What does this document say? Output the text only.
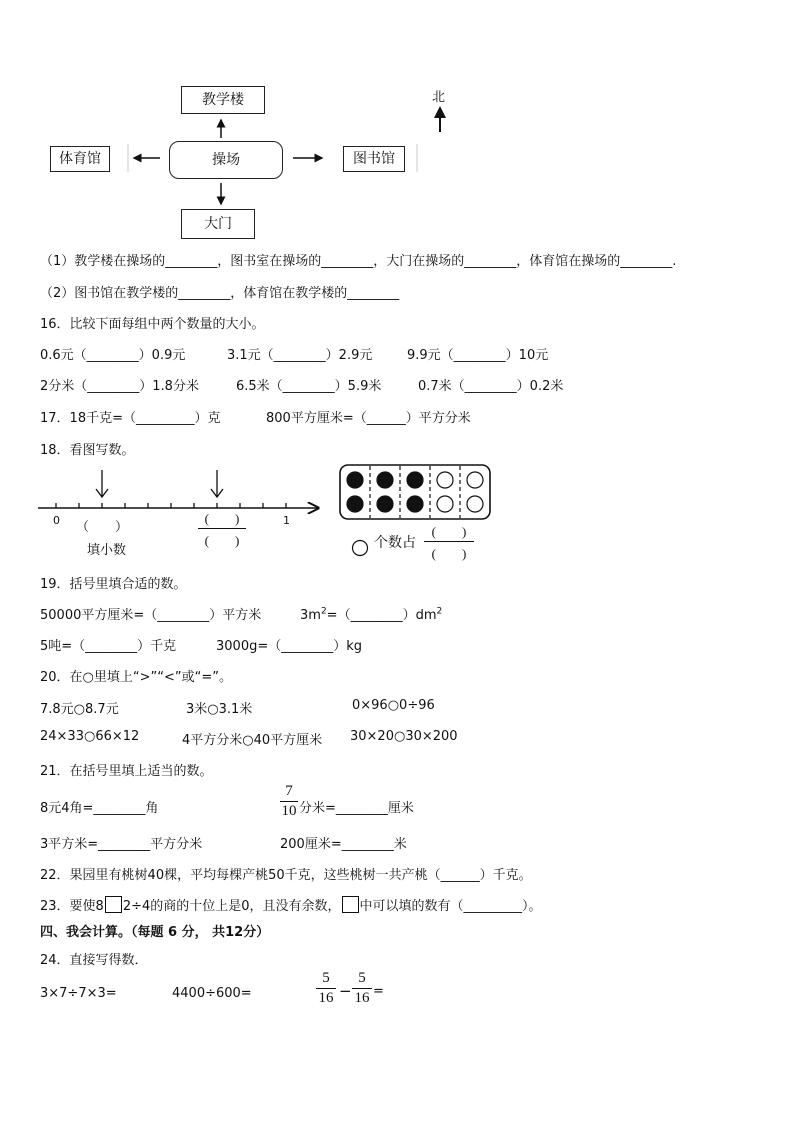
教学楼
操场
体育馆	图书馆
大门
北
（1）教学楼在操场的________，图书室在操场的________，大门在操场的________，体育馆在操场的________.
（2）图书馆在教学楼的________，体育馆在教学楼的________
16．比较下面每组中两个数量的大小。
0.6元（________）0.9元	3.1元（________）2.9元	9.9元（________）10元
2分米（________）1.8分米	6.5米（________）5.9米	0.7米（________）0.2米
17．18千克=（_________）克	800平方厘米=（______）平方分米
18．看图写数。
0	1
（　　）
填小数
(　　)
(　　)	个数占
(　　)
(　　)
19．括号里填合适的数。
50000平方厘米=（________）平方米	$3m^2=(\_\_\_\_\_\_\_\_)dm^2$
5吨=（________）千克	3000g=（________）kg
20．在○里填上“>”“<”或“=”。
7.8元○8.7元	3米○3.1米	0×96○0÷96
24×33○66×12	4平方分米○40平方厘米 30×20○30×200
21．在括号里填上适当的数。
8元4角=________角
7
10 分米=________厘米
3平方米=________平方分米	200厘米=________米
22．果园里有桃树40棵，平均每棵产桃50千克，这些桃树一共产桃（______）千克。
23．要使8 2÷4的商的十位上是0，且没有余数， 中可以填的数有（_________）。
四、我会计算。（每题 6 分， 共12分）
24．直接写得数．
3×7÷7×3=	4400÷600=
5
16 −
5
16 =
